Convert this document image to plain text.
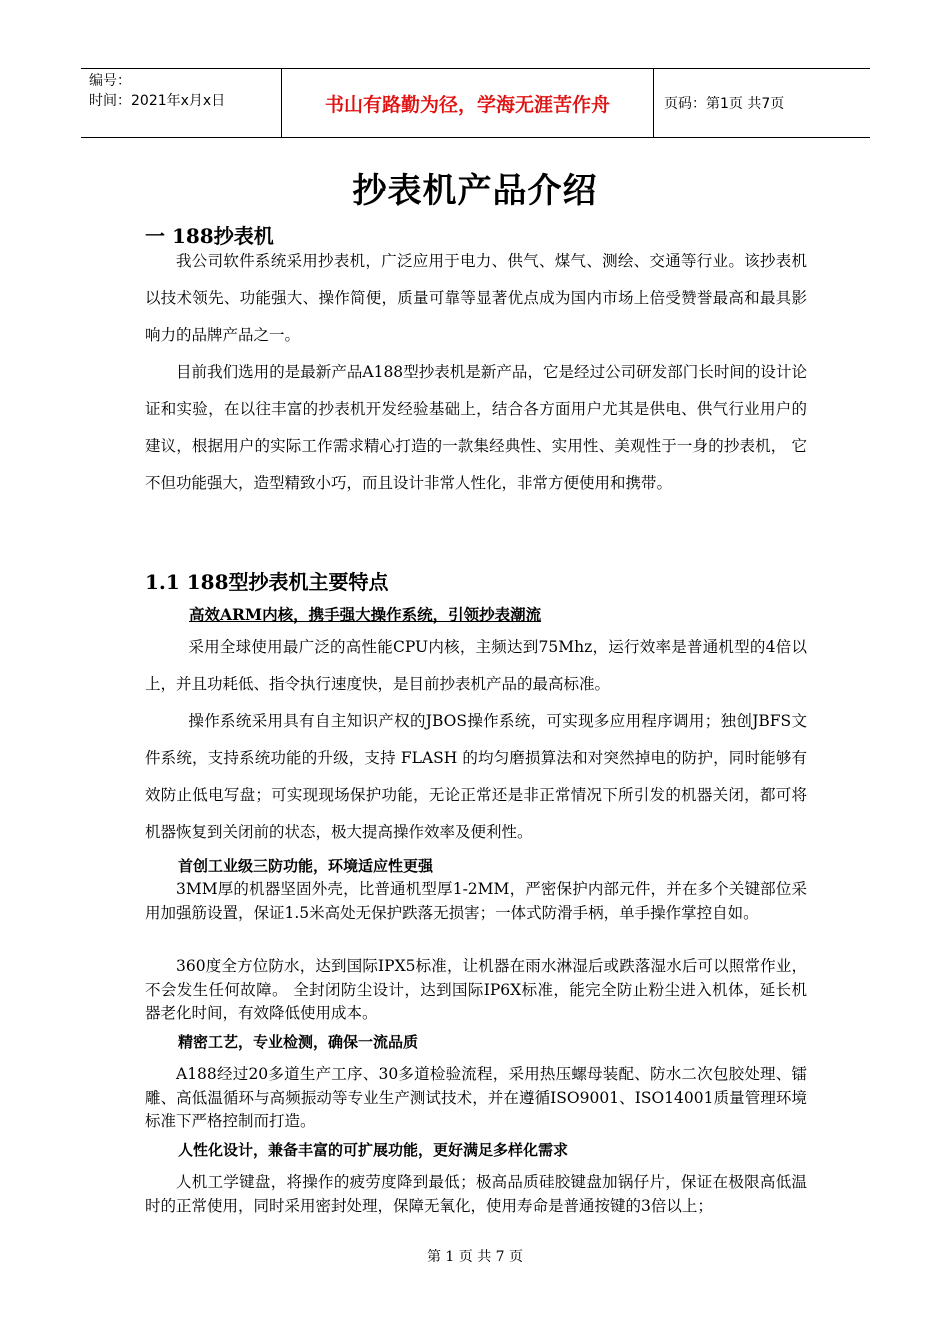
编号：
时间：2021年x月x日	书山有路勤为径，学海无涯苦作舟	页码：第1页 共7页
抄表机产品介绍
一 188抄表机

我公司软件系统采用抄表机，广泛应用于电力、供气、煤气、测绘、交通等行业。该抄表机以技术领先、功能强大、操作简便，质量可靠等显著优点成为国内市场上倍受赞誉最高和最具影响力的品牌产品之一。

目前我们选用的是最新产品A188型抄表机是新产品，它是经过公司研发部门长时间的设计论证和实验，在以往丰富的抄表机开发经验基础上，结合各方面用户尤其是供电、供气行业用户的建议，根据用户的实际工作需求精心打造的一款集经典性、实用性、美观性于一身的抄表机， 它不但功能强大，造型精致小巧，而且设计非常人性化，非常方便使用和携带。

1.1 188型抄表机主要特点
高效ARM内核，携手强大操作系统，引领抄表潮流

采用全球使用最广泛的高性能CPU内核，主频达到75Mhz，运行效率是普通机型的4倍以上，并且功耗低、指令执行速度快，是目前抄表机产品的最高标准。

操作系统采用具有自主知识产权的JBOS操作系统，可实现多应用程序调用；独创JBFS文件系统，支持系统功能的升级，支持 FLASH 的均匀磨损算法和对突然掉电的防护，同时能够有效防止低电写盘；可实现现场保护功能，无论正常还是非正常情况下所引发的机器关闭，都可将机器恢复到关闭前的状态，极大提高操作效率及便利性。

首创工业级三防功能，环境适应性更强

3MM厚的机器坚固外壳，比普通机型厚1-2MM，严密保护内部元件，并在多个关键部位采用加强筋设置，保证1.5米高处无保护跌落无损害；一体式防滑手柄，单手操作掌控自如。

360度全方位防水，达到国际IPX5标准，让机器在雨水淋湿后或跌落湿水后可以照常作业，不会发生任何故障。 全封闭防尘设计，达到国际IP6X标准，能完全防止粉尘进入机体，延长机器老化时间，有效降低使用成本。

精密工艺，专业检测，确保一流品质

A188经过20多道生产工序、30多道检验流程，采用热压螺母装配、防水二次包胶处理、镭雕、高低温循环与高频振动等专业生产测试技术，并在遵循ISO9001、ISO14001质量管理环境标准下严格控制而打造。

人性化设计，兼备丰富的可扩展功能，更好满足多样化需求

人机工学键盘，将操作的疲劳度降到最低；极高品质硅胶键盘加锅仔片，保证在极限高低温时的正常使用，同时采用密封处理，保障无氧化，使用寿命是普通按键的3倍以上；

第 1 页 共 7 页
